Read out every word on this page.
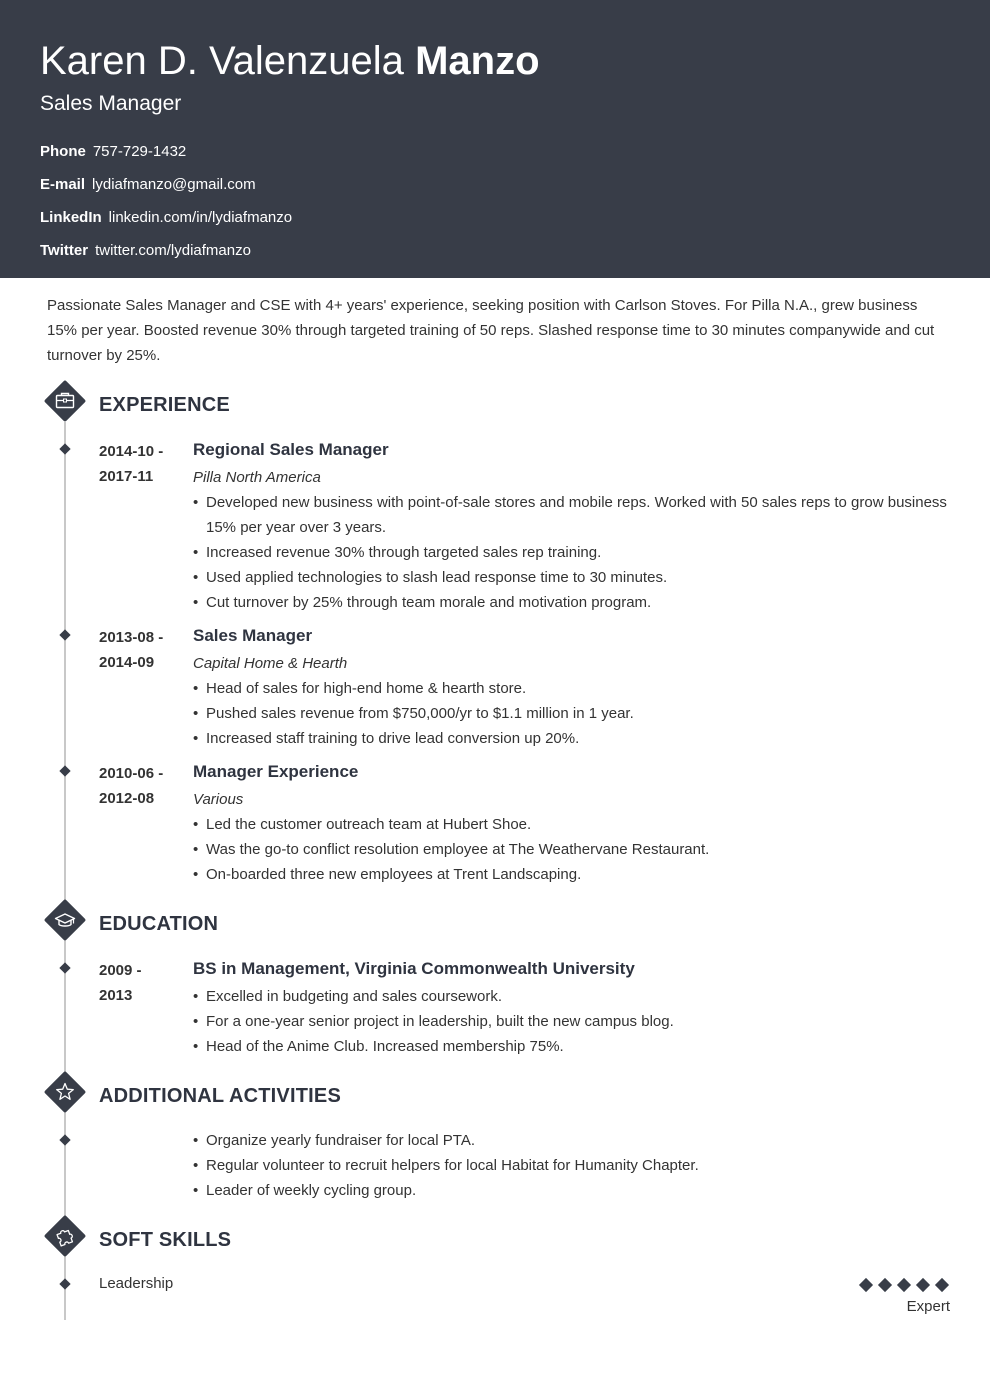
Karen D. Valenzuela Manzo
Sales Manager
Phone 757-729-1432
E-mail lydiafmanzo@gmail.com
LinkedIn linkedin.com/in/lydiafmanzo
Twitter twitter.com/lydiafmanzo
Passionate Sales Manager and CSE with 4+ years' experience, seeking position with Carlson Stoves. For Pilla N.A., grew business 15% per year. Boosted revenue 30% through targeted training of 50 reps. Slashed response time to 30 minutes companywide and cut turnover by 25%.
EXPERIENCE
2014-10 -
2017-11
Regional Sales Manager
Pilla North America
• Developed new business with point-of-sale stores and mobile reps. Worked with 50 sales reps to grow business 15% per year over 3 years.
• Increased revenue 30% through targeted sales rep training.
• Used applied technologies to slash lead response time to 30 minutes.
• Cut turnover by 25% through team morale and motivation program.
2013-08 -
2014-09
Sales Manager
Capital Home & Hearth
• Head of sales for high-end home & hearth store.
• Pushed sales revenue from $750,000/yr to $1.1 million in 1 year.
• Increased staff training to drive lead conversion up 20%.
2010-06 -
2012-08
Manager Experience
Various
• Led the customer outreach team at Hubert Shoe.
• Was the go-to conflict resolution employee at The Weathervane Restaurant.
• On-boarded three new employees at Trent Landscaping.
EDUCATION
2009 -
2013
BS in Management, Virginia Commonwealth University
• Excelled in budgeting and sales coursework.
• For a one-year senior project in leadership, built the new campus blog.
• Head of the Anime Club. Increased membership 75%.
ADDITIONAL ACTIVITIES
• Organize yearly fundraiser for local PTA.
• Regular volunteer to recruit helpers for local Habitat for Humanity Chapter.
• Leader of weekly cycling group.
SOFT SKILLS
Leadership
Expert
